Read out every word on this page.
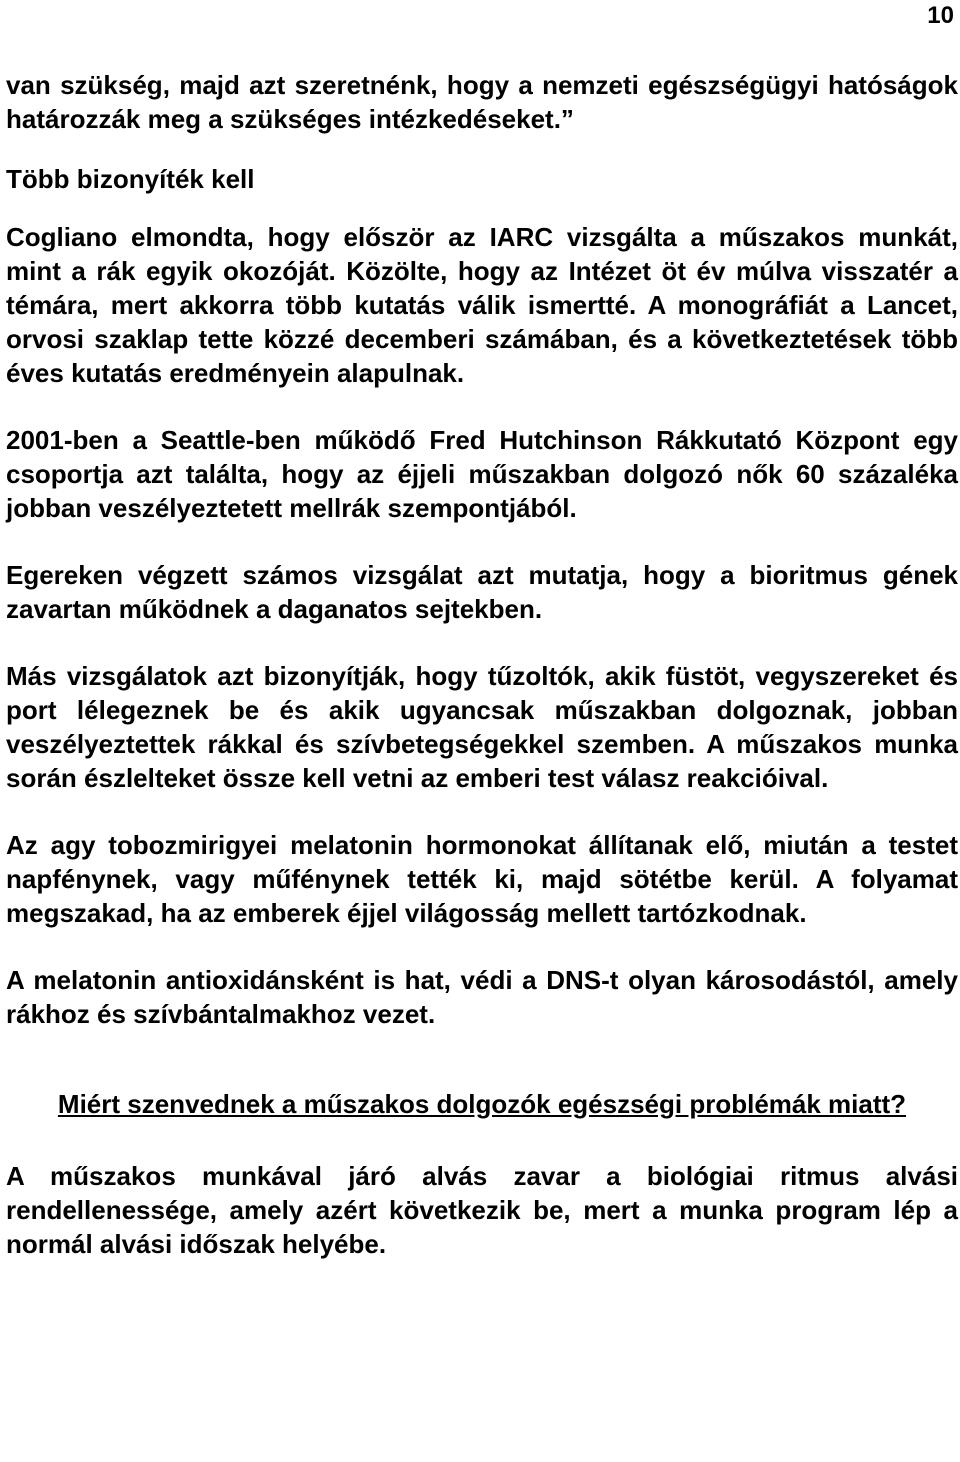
10

van szükség, majd azt szeretnénk, hogy a nemzeti egészségügyi hatóságok határozzák meg a szükséges intézkedéseket.”

Több bizonyíték kell

Cogliano elmondta, hogy először az IARC vizsgálta a műszakos munkát, mint a rák egyik okozóját. Közölte, hogy az Intézet öt év múlva visszatér a témára, mert akkorra több kutatás válik ismertté. A monográfiát a Lancet, orvosi szaklap tette közzé decemberi számában, és a következtetések több éves kutatás eredményein alapulnak.

2001-ben a Seattle-ben működő Fred Hutchinson Rákkutató Központ egy csoportja azt találta, hogy az éjjeli műszakban dolgozó nők 60 százaléka jobban veszélyeztetett mellrák szempontjából.

Egereken végzett számos vizsgálat azt mutatja, hogy a bioritmus gének zavartan működnek a daganatos sejtekben.

Más vizsgálatok azt bizonyítják, hogy tűzoltók, akik füstöt, vegyszereket és port lélegeznek be és akik ugyancsak műszakban dolgoznak, jobban veszélyeztettek rákkal és szívbetegségekkel szemben. A műszakos munka során észlelteket össze kell vetni az emberi test válasz reakcióival.

Az agy tobozmirigyei melatonin hormonokat állítanak elő, miután a testet napfénynek, vagy műfénynek tették ki, majd sötétbe kerül. A folyamat megszakad, ha az emberek éjjel világosság mellett tartózkodnak.

A melatonin antioxidánsként is hat, védi a DNS-t olyan károsodástól, amely rákhoz és szívbántalmakhoz vezet.

Miért szenvednek a műszakos dolgozók egészségi problémák miatt?

A műszakos munkával járó alvás zavar a biológiai ritmus alvási rendellenessége, amely azért következik be, mert a munka program lép a normál alvási időszak helyébe.
